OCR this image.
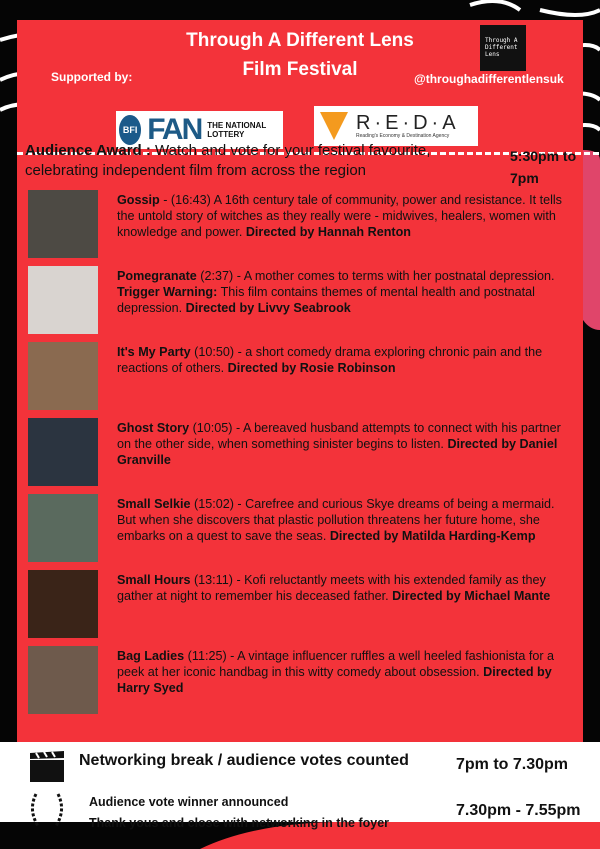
Through A Different Lens
Film Festival
Supported by:	@throughadifferentlensuk
Through A
Different
Lens
BFI FAN THE NATIONAL LOTTERY
R·E·D·A
Reading's Economy & Destination Agency
Audience Award : Watch and vote for your festival favourite, celebrating independent film from across the region
5:30pm to 7pm
Gossip - (16:43) A 16th century tale of community, power and resistance. It tells the untold story of witches as they really were - midwives, healers, women with knowledge and power. Directed by Hannah Renton
Pomegranate (2:37) - A mother comes to terms with her postnatal depression. Trigger Warning: This film contains themes of mental health and postnatal depression. Directed by Livvy Seabrook
It's My Party (10:50) - a short comedy drama exploring chronic pain and the reactions of others. Directed by Rosie Robinson
Ghost Story (10:05) - A bereaved husband attempts to connect with his partner on the other side, when something sinister begins to listen. Directed by Daniel Granville
Small Selkie (15:02) - Carefree and curious Skye dreams of being a mermaid. But when she discovers that plastic pollution threatens her future home, she embarks on a quest to save the seas. Directed by Matilda Harding-Kemp
Small Hours (13:11) - Kofi reluctantly meets with his extended family as they gather at night to remember his deceased father. Directed by Michael Mante
Bag Ladies (11:25) - A vintage influencer ruffles a well heeled fashionista for a peek at her iconic handbag in this witty comedy about obsession. Directed by Harry Syed
Networking break / audience votes counted	7pm to 7.30pm
Audience vote winner announced
Thank yous and close with networking in the foyer
7.30pm - 7.55pm
